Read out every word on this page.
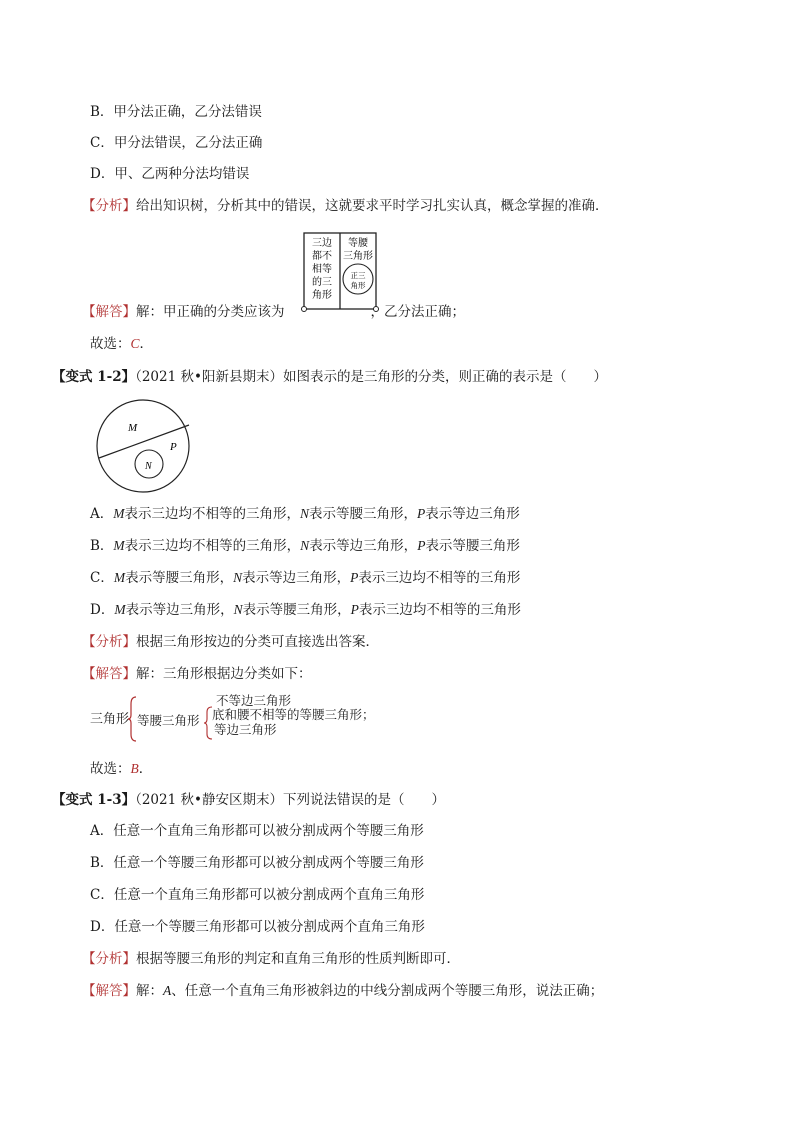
B．甲分法正确，乙分法错误
C．甲分法错误，乙分法正确
D．甲、乙两种分法均错误
【分析】给出知识树，分析其中的错误，这就要求平时学习扎实认真，概念掌握的准确．
三边
都不
相等
的三
角形
等腰
三角形
正三
角形
【解答】解：甲正确的分类应该为	，乙分法正确；
故选：C．
【变式 1-2】（2021 秋•阳新县期末）如图表示的是三角形的分类，则正确的表示是（　　）
M
N
P
A．M表示三边均不相等的三角形，N表示等腰三角形，P表示等边三角形
B．M表示三边均不相等的三角形，N表示等边三角形，P表示等腰三角形
C．M表示等腰三角形，N表示等边三角形，P表示三边均不相等的三角形
D．M表示等边三角形，N表示等腰三角形，P表示三边均不相等的三角形
【分析】根据三角形按边的分类可直接选出答案．
【解答】解：三角形根据边分类如下：
三角形
不等边三角形
等腰三角形 底和腰不相等的等腰三角形；
等边三角形
故选：B．
【变式 1-3】（2021 秋•静安区期末）下列说法错误的是（　　）
A．任意一个直角三角形都可以被分割成两个等腰三角形
B．任意一个等腰三角形都可以被分割成两个等腰三角形
C．任意一个直角三角形都可以被分割成两个直角三角形
D．任意一个等腰三角形都可以被分割成两个直角三角形
【分析】根据等腰三角形的判定和直角三角形的性质判断即可．
【解答】解：A、任意一个直角三角形被斜边的中线分割成两个等腰三角形，说法正确；
